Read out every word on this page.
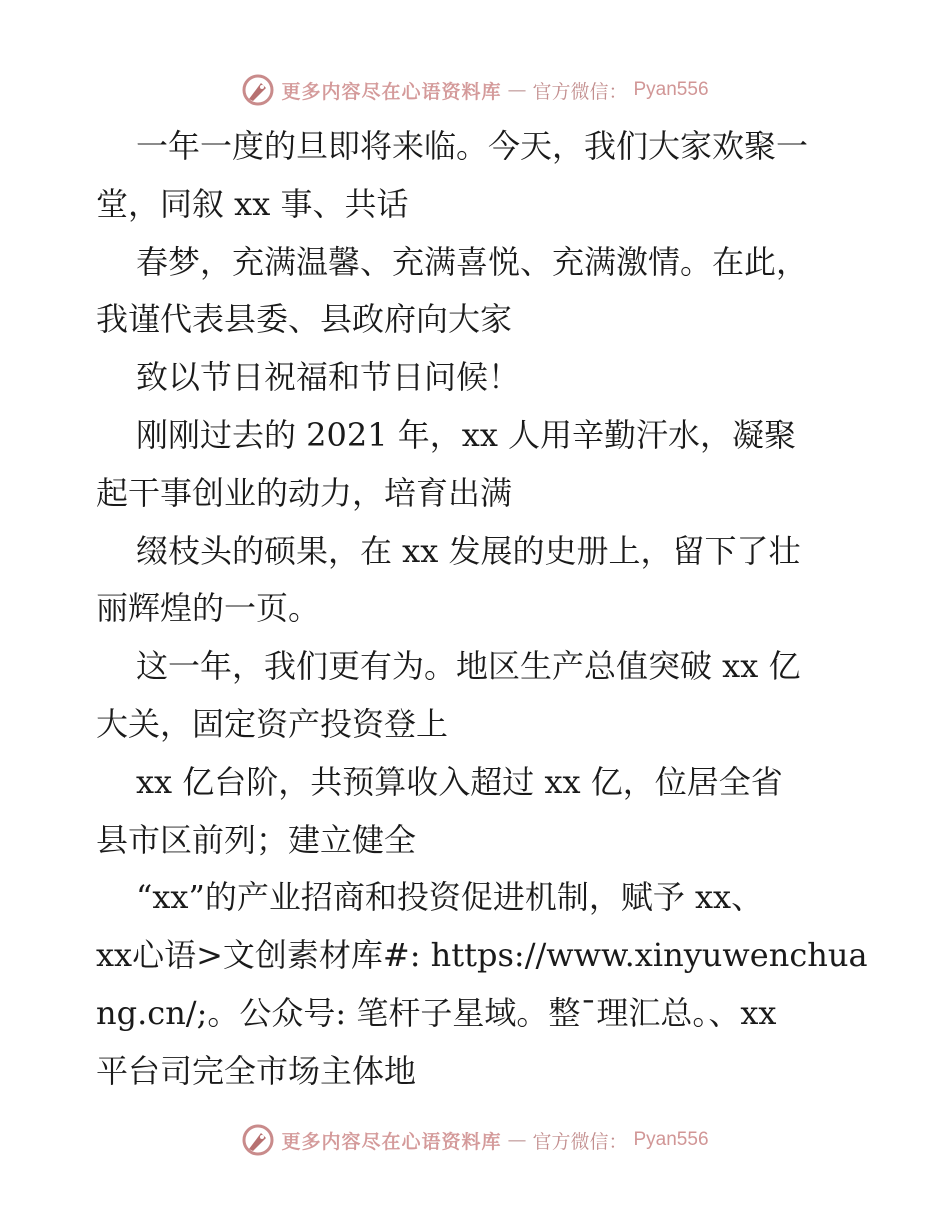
更多内容尽在心语资料库 — 官方微信： Pyan556
一年一度的旦即将来临。今天，我们大家欢聚一
堂，同叙 xx 事、共话
春梦，充满温馨、充满喜悦、充满激情。在此，
我谨代表县委、县政府向大家
致以节日祝福和节日问候！
刚刚过去的 2021 年，xx 人用辛勤汗水，凝聚
起干事创业的动力，培育出满
缀枝头的硕果，在 xx 发展的史册上，留下了壮
丽辉煌的一页。
这一年，我们更有为。地区生产总值突破 xx 亿
大关，固定资产投资登上
xx 亿台阶，共预算收入超过 xx 亿，位居全省
县市区前列；建立健全
“xx”的产业招商和投资促进机制，赋予 xx、
xx心语>文创素材库#: https://www.xinyuwenchua
ng.cn/;。公众号: 笔杆子星域。整¯理汇总。、xx
平台司完全市场主体地
更多内容尽在心语资料库 — 官方微信： Pyan556
